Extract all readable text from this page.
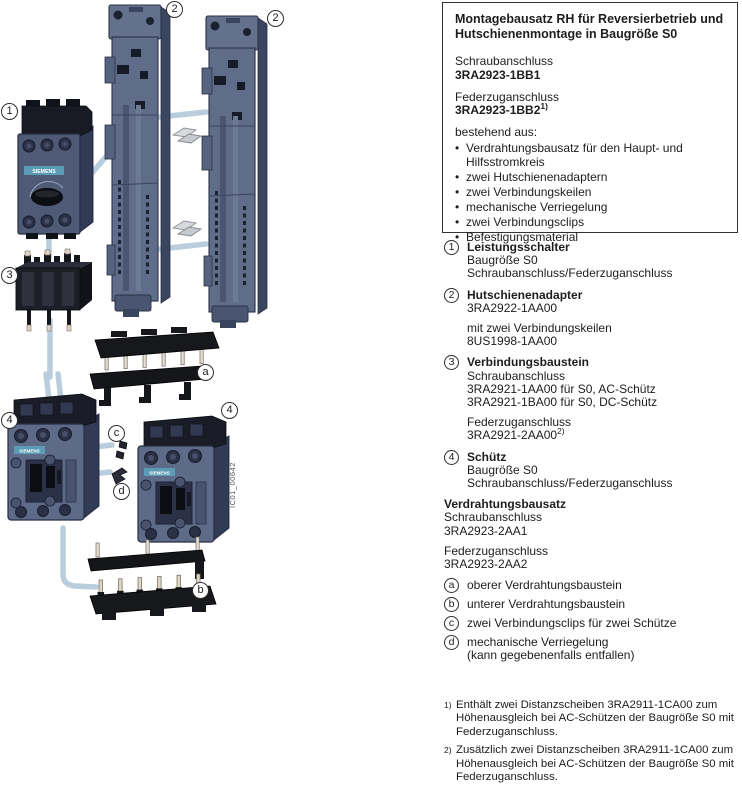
SIEMENS
SIEMENS
1
2
2
3
4
4
a
b
c
d	IC01_00642
Montagebausatz RH für Reversierbetrieb und
Hutschienenmontage in Baugröße S0
Schraubanschluss
3RA2923-1BB1
Federzuganschluss
3RA2923-1BB2$^{1)}$
bestehend aus:
• Verdrahtungsbausatz für den Haupt- und Hilfsstromkreis
• zwei Hutschienenadaptern
• zwei Verbindungskeilen
• mechanische Verriegelung
• zwei Verbindungsclips
• Befestigungsmaterial
1	Leistungsschalter
Baugröße S0
Schraubanschluss/Federzuganschluss
2	Hutschienenadapter
3RA2922-1AA00
mit zwei Verbindungskeilen
8US1998-1AA00
3	Verbindungsbaustein
Schraubanschluss
3RA2921-1AA00 für S0, AC-Schütz
3RA2921-1BA00 für S0, DC-Schütz
Federzuganschluss
3RA2921-2AA00$^{2)}$
4	Schütz
Baugröße S0
Schraubanschluss/Federzuganschluss
Verdrahtungsbausatz
Schraubanschluss
3RA2923-2AA1
Federzuganschluss
3RA2923-2AA2
a	oberer Verdrahtungsbaustein
b	unterer Verdrahtungsbaustein
c	zwei Verbindungsclips für zwei Schütze
d	mechanische Verriegelung
(kann gegebenenfalls entfallen)
1) Enthält zwei Distanzscheiben 3RA2911-1CA00 zum Höhenausgleich bei AC-Schützen der Baugröße S0 mit Federzuganschluss.
2) Zusätzlich zwei Distanzscheiben 3RA2911-1CA00 zum Höhenausgleich bei AC-Schützen der Baugröße S0 mit Federzuganschluss.
